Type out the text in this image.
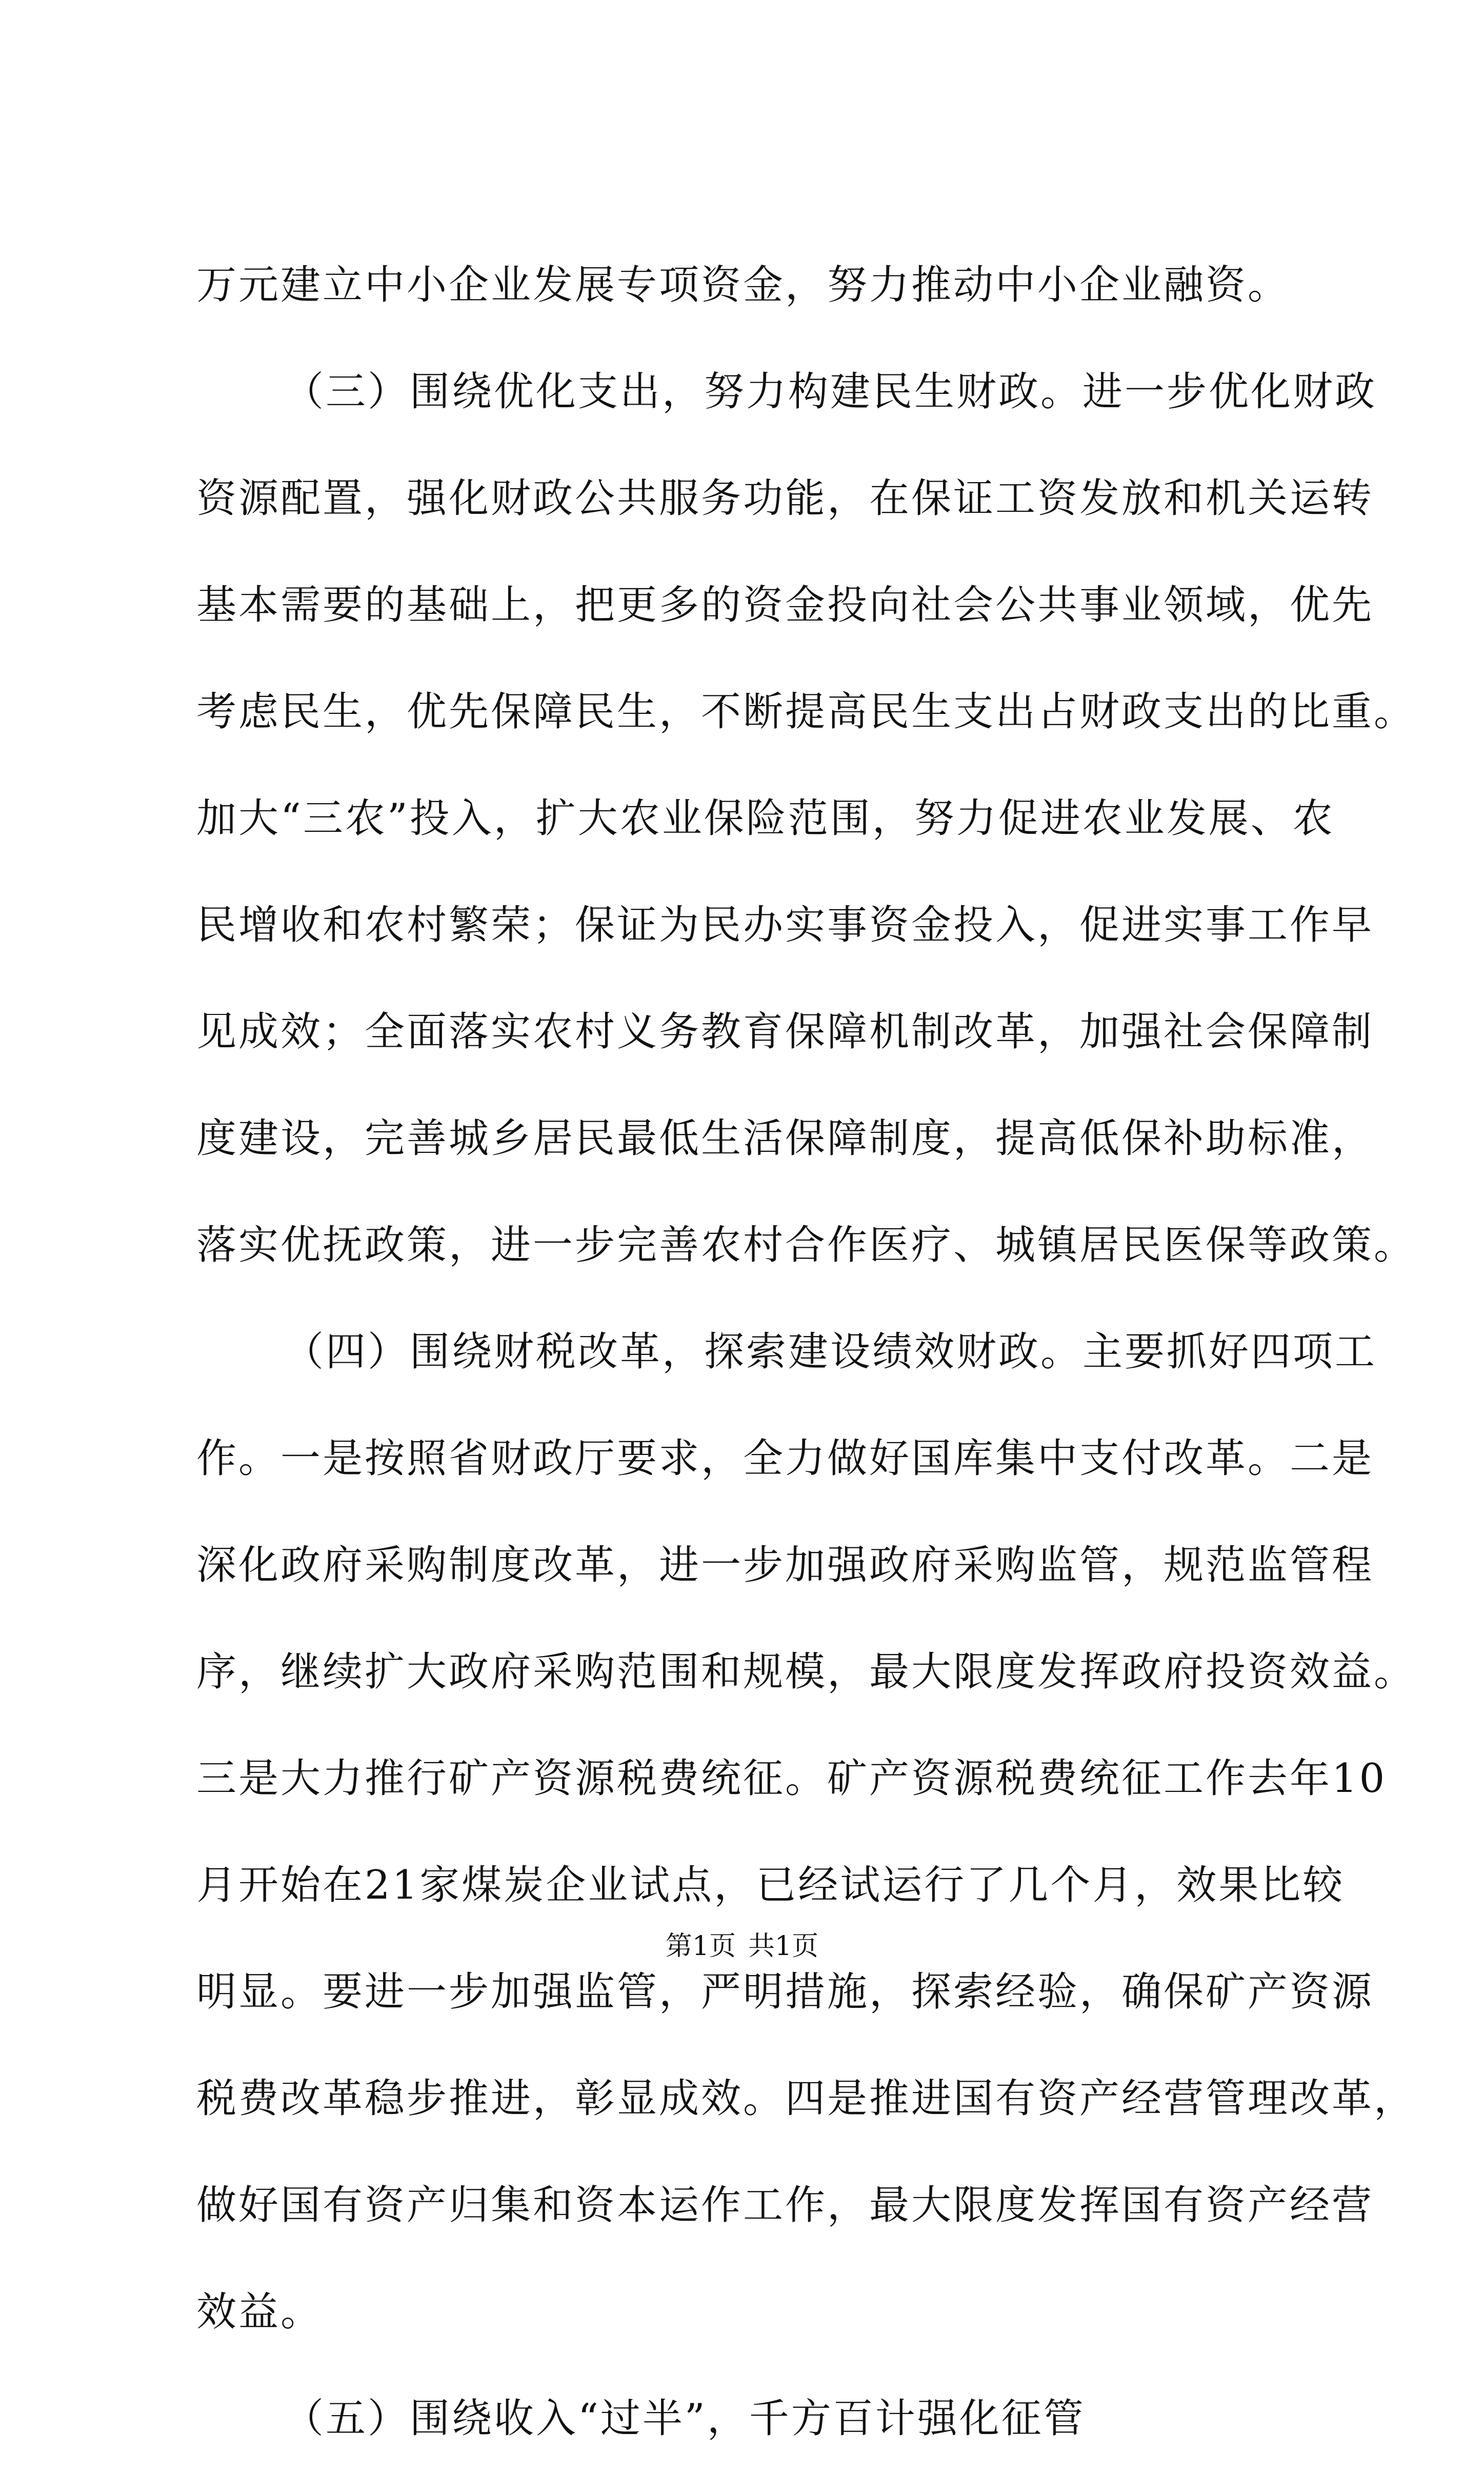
万元建立中小企业发展专项资金，努力推动中小企业融资。
（三）围绕优化支出，努力构建民生财政。进一步优化财政
资源配置，强化财政公共服务功能，在保证工资发放和机关运转
基本需要的基础上，把更多的资金投向社会公共事业领域，优先
考虑民生，优先保障民生，不断提高民生支出占财政支出的比重。
加大“三农”投入，扩大农业保险范围，努力促进农业发展、农
民增收和农村繁荣；保证为民办实事资金投入，促进实事工作早
见成效；全面落实农村义务教育保障机制改革，加强社会保障制
度建设，完善城乡居民最低生活保障制度，提高低保补助标准，
落实优抚政策，进一步完善农村合作医疗、城镇居民医保等政策。
（四）围绕财税改革，探索建设绩效财政。主要抓好四项工
作。一是按照省财政厅要求，全力做好国库集中支付改革。二是
深化政府采购制度改革，进一步加强政府采购监管，规范监管程
序，继续扩大政府采购范围和规模，最大限度发挥政府投资效益。
三是大力推行矿产资源税费统征。矿产资源税费统征工作去年10
月开始在21家煤炭企业试点，已经试运行了几个月，效果比较
明显。要进一步加强监管，严明措施，探索经验，确保矿产资源
税费改革稳步推进，彰显成效。四是推进国有资产经营管理改革，
做好国有资产归集和资本运作工作，最大限度发挥国有资产经营
效益。
（五）围绕收入“过半”，千方百计强化征管
第1页 共1页
